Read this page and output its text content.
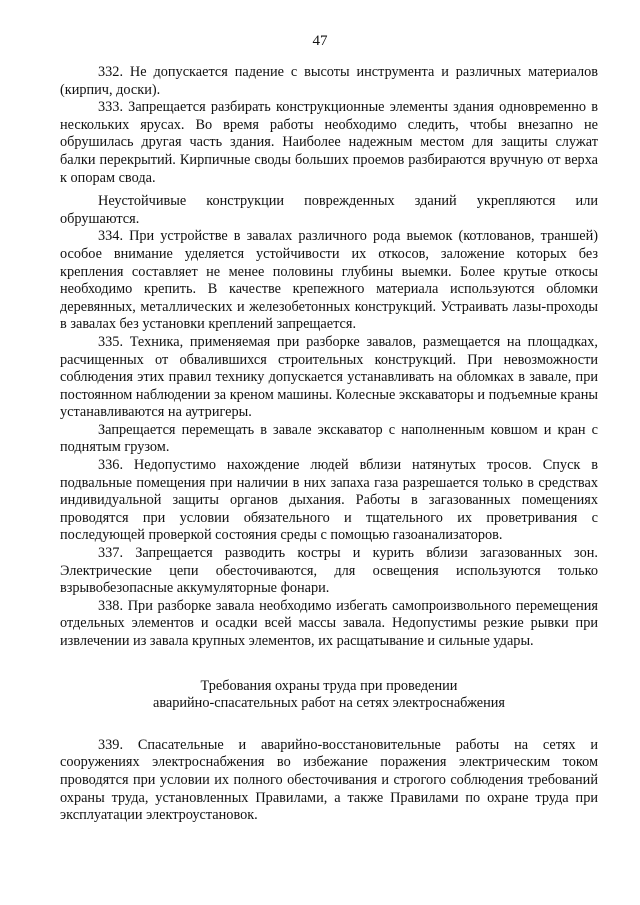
47

332. Не допускается падение с высоты инструмента и различных материалов (кирпич, доски).

333. Запрещается разбирать конструкционные элементы здания одновременно в нескольких ярусах. Во время работы необходимо следить, чтобы внезапно не обрушилась другая часть здания. Наиболее надежным местом для защиты служат балки перекрытий. Кирпичные своды больших проемов разбираются вручную от верха к опорам свода.

Неустойчивые конструкции поврежденных зданий укрепляются или обрушаются.

334. При устройстве в завалах различного рода выемок (котлованов, траншей) особое внимание уделяется устойчивости их откосов, заложение которых без крепления составляет не менее половины глубины выемки. Более крутые откосы необходимо крепить. В качестве крепежного материала используются обломки деревянных, металлических и железобетонных конструкций. Устраивать лазы-проходы в завалах без установки креплений запрещается.

335. Техника, применяемая при разборке завалов, размещается на площадках, расчищенных от обвалившихся строительных конструкций. При невозможности соблюдения этих правил технику допускается устанавливать на обломках в завале, при постоянном наблюдении за креном машины. Колесные экскаваторы и подъемные краны устанавливаются на аутригеры.

Запрещается перемещать в завале экскаватор с наполненным ковшом и кран с поднятым грузом.

336. Недопустимо нахождение людей вблизи натянутых тросов. Спуск в подвальные помещения при наличии в них запаха газа разрешается только в средствах индивидуальной защиты органов дыхания. Работы в загазованных помещениях проводятся при условии обязательного и тщательного их проветривания с последующей проверкой состояния среды с помощью газоанализаторов.

337. Запрещается разводить костры и курить вблизи загазованных зон. Электрические цепи обесточиваются, для освещения используются только взрывобезопасные аккумуляторные фонари.

338. При разборке завала необходимо избегать самопроизвольного перемещения отдельных элементов и осадки всей массы завала. Недопустимы резкие рывки при извлечении из завала крупных элементов, их расщатывание и сильные удары.

Требования охраны труда при проведении
аварийно-спасательных работ на сетях электроснабжения

339. Спасательные и аварийно-восстановительные работы на сетях и сооружениях электроснабжения во избежание поражения электрическим током проводятся при условии их полного обесточивания и строгого соблюдения требований охраны труда, установленных Правилами, а также Правилами по охране труда при эксплуатации электроустановок.
